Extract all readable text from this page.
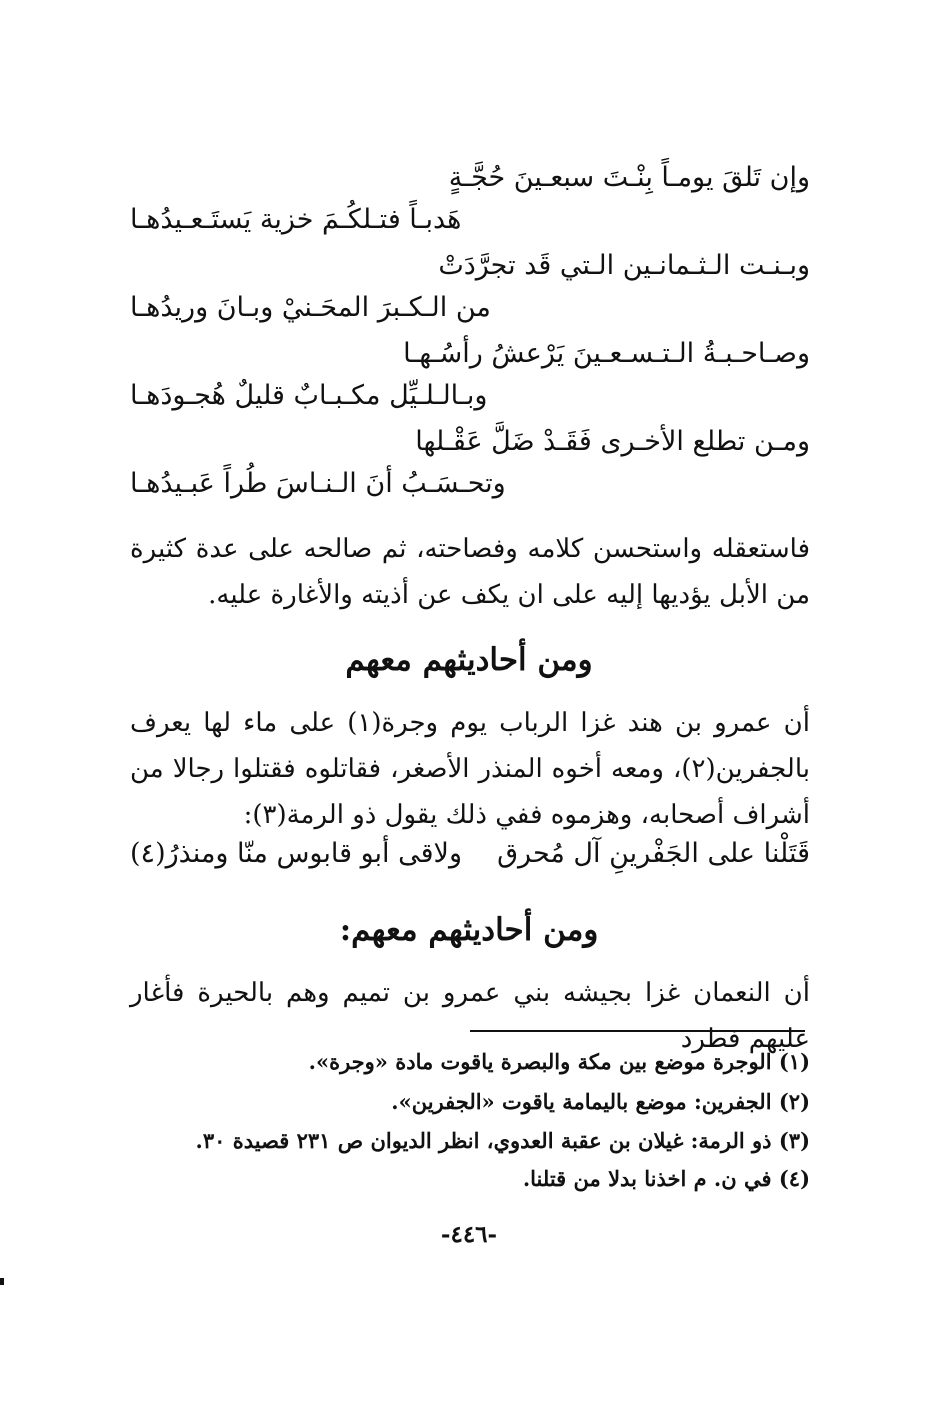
وإن تَلقَ يومـاً بِنْـتَ سبعـينَ حُجَّـةٍ
هَدبـاً فتـلكُـمَ خزية يَستَـعـيدُهـا
وبـنـت الـثـمانـين الـتي قَد تجرَّدَتْ
من الـكـبرَ المحَـنيْ وبـانَ وريدُهـا
وصـاحـبـةُ الـتـسـعـينَ يَرْعشُ رأسُـهـا
وبـالـلـيِّل مكـبـابٌ قليلٌ هُجـودَهـا
ومـن تطلع الأخـرى فَقَـدْ ضَلَّ عَقْـلها
وتحـسَـبُ أنَ الـنـاسَ طُراً عَبـيدُهـا
فاستعقله واستحسن كلامه وفصاحته، ثم صالحه على عدة كثيرة من الأبل يؤديها إليه على ان يكف عن أذيته والأغارة عليه.
ومن أحاديثهم معهم
أن عمرو بن هند غزا الرباب يوم وجرة(١) على ماء لها يعرف بالجفرين(٢)، ومعه أخوه المنذر الأصغر، فقاتلوه فقتلوا رجالا من أشراف أصحابه، وهزموه ففي ذلك يقول ذو الرمة(٣):
قَتَلْنا على الجَفْرينِ آل مُحرق
ولاقى أبو قابوس منّا ومنذرُ(٤)
ومن أحاديثهم معهم:
أن النعمان غزا بجيشه بني عمرو بن تميم وهم بالحيرة فأغار عليهم فطرد
(١) الوجرة موضع بين مكة والبصرة ياقوت مادة «وجرة».
(٢) الجفرين: موضع باليمامة ياقوت «الجفرين».
(٣) ذو الرمة: غيلان بن عقبة العدوي، انظر الديوان ص ٢٣١ قصيدة ٣٠.
(٤) في ن. م اخذنا بدلا من قتلنا.
-٤٤٦-
